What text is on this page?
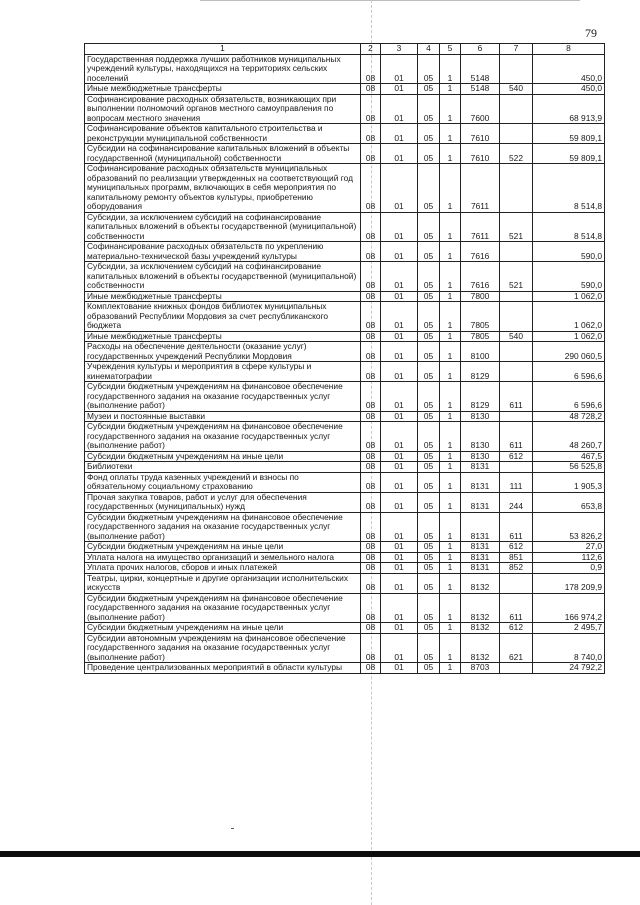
79
1	2	3	4	5	6	7	8
Государственная поддержка лучших работников муниципальных учреждений культуры, находящихся на территориях сельских поселений	08	01	05	1	5148		450,0
Иные межбюджетные трансферты	08	01	05	1	5148	540	450,0
Софинансирование расходных обязательств, возникающих при выполнении полномочий органов местного самоуправления по вопросам местного значения	08	01	05	1	7600		68 913,9
Софинансирование объектов капитального строительства и реконструкции муниципальной собственности	08	01	05	1	7610		59 809,1
Субсидии на софинансирование капитальных вложений в объекты государственной (муниципальной) собственности	08	01	05	1	7610	522	59 809,1
Софинансирование расходных обязательств муниципальных образований по реализации утвержденных на соответствующий год муниципальных программ, включающих в себя мероприятия по капитальному ремонту объектов культуры, приобретению оборудования	08	01	05	1	7611		8 514,8
Субсидии, за исключением субсидий на софинансирование капитальных вложений в объекты государственной (муниципальной) собственности	08	01	05	1	7611	521	8 514,8
Софинансирование расходных обязательств по укреплению материально-технической базы учреждений культуры	08	01	05	1	7616		590,0
Субсидии, за исключением субсидий на софинансирование капитальных вложений в объекты государственной (муниципальной) собственности	08	01	05	1	7616	521	590,0
Иные межбюджетные трансферты	08	01	05	1	7800		1 062,0
Комплектование книжных фондов библиотек муниципальных образований Республики Мордовия за счет республиканского бюджета	08	01	05	1	7805		1 062,0
Иные межбюджетные трансферты	08	01	05	1	7805	540	1 062,0
Расходы на обеспечение деятельности (оказание услуг) государственных учреждений Республики Мордовия	08	01	05	1	8100		290 060,5
Учреждения культуры и мероприятия в сфере культуры и кинематографии	08	01	05	1	8129		6 596,6
Субсидии бюджетным учреждениям на финансовое обеспечение государственного задания на оказание государственных услуг (выполнение работ)	08	01	05	1	8129	611	6 596,6
Музеи и постоянные выставки	08	01	05	1	8130		48 728,2
Субсидии бюджетным учреждениям на финансовое обеспечение государственного задания на оказание государственных услуг (выполнение работ)	08	01	05	1	8130	611	48 260,7
Субсидии бюджетным учреждениям на иные цели	08	01	05	1	8130	612	467,5
Библиотеки	08	01	05	1	8131		56 525,8
Фонд оплаты труда казенных учреждений и взносы по обязательному социальному страхованию	08	01	05	1	8131	111	1 905,3
Прочая закупка товаров, работ и услуг для обеспечения государственных (муниципальных) нужд	08	01	05	1	8131	244	653,8
Субсидии бюджетным учреждениям на финансовое обеспечение государственного задания на оказание государственных услуг (выполнение работ)	08	01	05	1	8131	611	53 826,2
Субсидии бюджетным учреждениям на иные цели	08	01	05	1	8131	612	27,0
Уплата налога на имущество организаций и земельного налога	08	01	05	1	8131	851	112,6
Уплата прочих налогов, сборов и иных платежей	08	01	05	1	8131	852	0,9
Театры, цирки, концертные и другие организации исполнительских искусств	08	01	05	1	8132		178 209,9
Субсидии бюджетным учреждениям на финансовое обеспечение государственного задания на оказание государственных услуг (выполнение работ)	08	01	05	1	8132	611	166 974,2
Субсидии бюджетным учреждениям на иные цели	08	01	05	1	8132	612	2 495,7
Субсидии автономным учреждениям на финансовое обеспечение государственного задания на оказание государственных услуг (выполнение работ)	08	01	05	1	8132	621	8 740,0
Проведение централизованных мероприятий в области культуры	08	01	05	1	8703		24 792,2
